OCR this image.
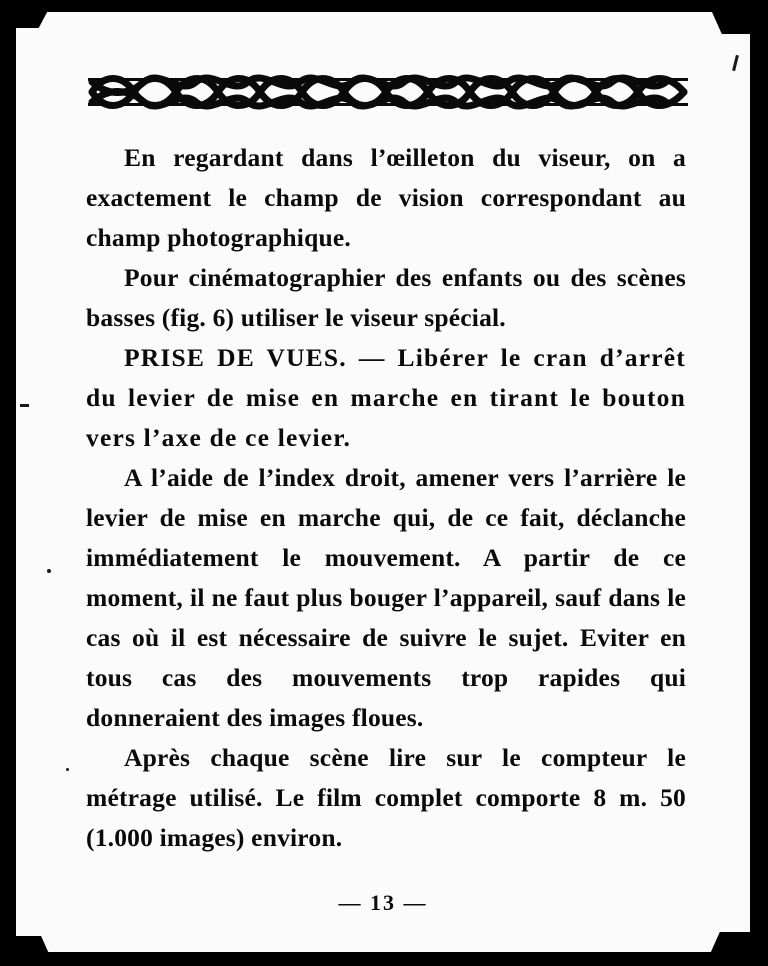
En regardant dans l’œilleton du viseur, on a exactement le champ de vision correspondant au champ photographique.

Pour cinématographier des enfants ou des scènes basses (fig. 6) utiliser le viseur spécial.

PRISE DE VUES. — Libérer le cran d’arrêt du levier de mise en marche en tirant le bouton vers l’axe de ce levier.

A l’aide de l’index droit, amener vers l’arrière le levier de mise en marche qui, de ce fait, déclanche immédiatement le mouvement. A partir de ce moment, il ne faut plus bouger l’appareil, sauf dans le cas où il est nécessaire de suivre le sujet. Eviter en tous cas des mouvements trop rapides qui donneraient des images floues.

Après chaque scène lire sur le compteur le métrage utilisé. Le film complet comporte 8 m. 50 (1.000 images) environ.

— 13 —
